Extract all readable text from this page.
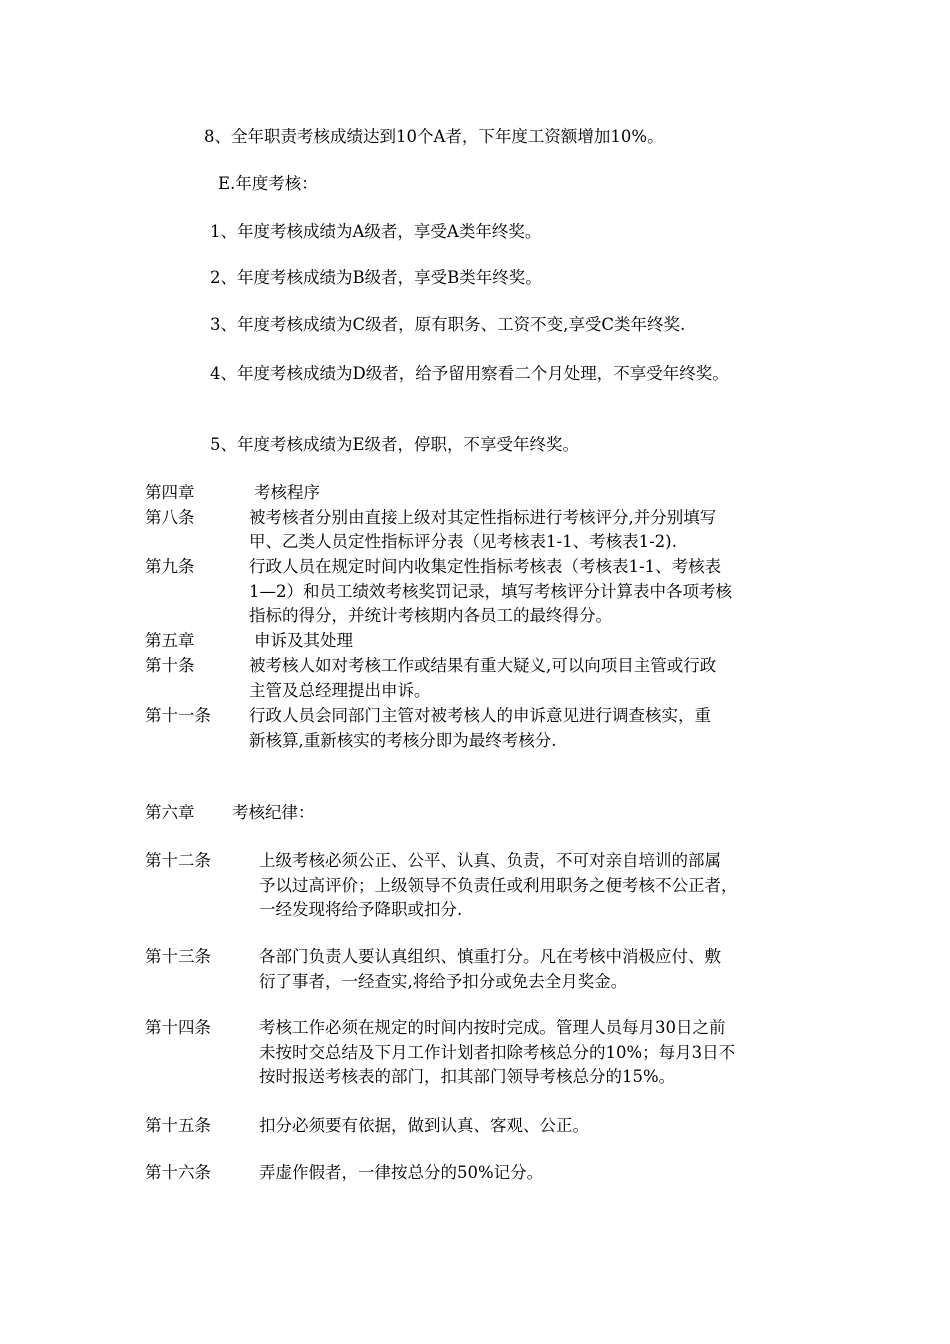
8、全年职责考核成绩达到10个A者，下年度工资额增加10%。
E.年度考核：
1、年度考核成绩为A级者，享受A类年终奖。
2、年度考核成绩为B级者，享受B类年终奖。
3、年度考核成绩为C级者，原有职务、工资不变,享受C类年终奖.
4、年度考核成绩为D级者，给予留用察看二个月处理，不享受年终奖。
5、年度考核成绩为E级者，停职，不享受年终奖。
第四章	考核程序
第八条	被考核者分别由直接上级对其定性指标进行考核评分,并分别填写
甲、乙类人员定性指标评分表（见考核表1-1、考核表1-2).
第九条	行政人员在规定时间内收集定性指标考核表（考核表1-1、考核表
1—2）和员工绩效考核奖罚记录，填写考核评分计算表中各项考核
指标的得分，并统计考核期内各员工的最终得分。
第五章	申诉及其处理
第十条	被考核人如对考核工作或结果有重大疑义,可以向项目主管或行政
主管及总经理提出申诉。
第十一条 行政人员会同部门主管对被考核人的申诉意见进行调查核实，重
新核算,重新核实的考核分即为最终考核分.
第六章 考核纪律：
第十二条	上级考核必须公正、公平、认真、负责，不可对亲自培训的部属
予以过高评价；上级领导不负责任或利用职务之便考核不公正者，
一经发现将给予降职或扣分.
第十三条	各部门负责人要认真组织、慎重打分。凡在考核中消极应付、敷
衍了事者，一经查实,将给予扣分或免去全月奖金。
第十四条	考核工作必须在规定的时间内按时完成。管理人员每月30日之前
未按时交总结及下月工作计划者扣除考核总分的10%；每月3日不
按时报送考核表的部门，扣其部门领导考核总分的15%。
第十五条	扣分必须要有依据，做到认真、客观、公正。
第十六条	弄虚作假者，一律按总分的50%记分。
